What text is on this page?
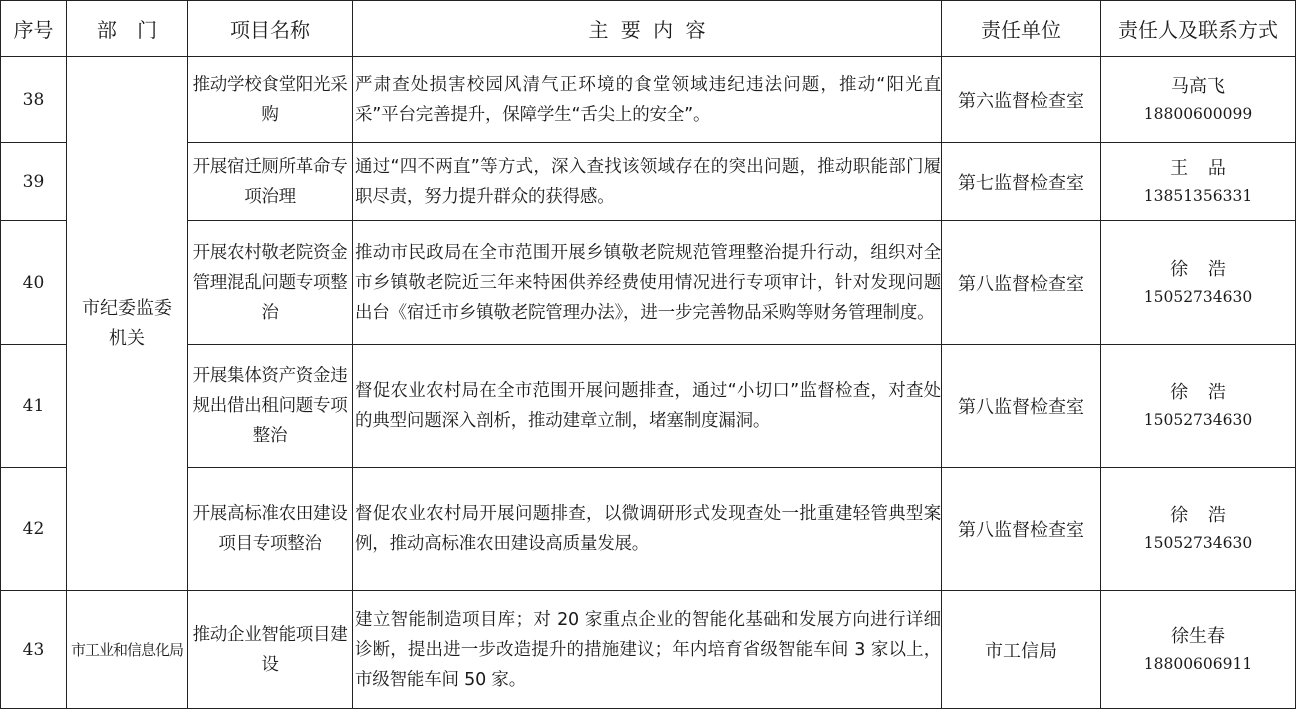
序号	部 门	项目名称	主 要 内 容	责任单位	责任人及联系方式
38	市纪委监委机关	推动学校食堂阳光采购	严肃查处损害校园风清气正环境的食堂领域违纪违法问题，推动“阳光直采”平台完善提升，保障学生“舌尖上的安全”。	第六监督检查室	马高飞
18800600099

39		开展宿迁厕所革命专项治理	通过“四不两直”等方式，深入查找该领域存在的突出问题，推动职能部门履职尽责，努力提升群众的获得感。	第七监督检查室	王 品
13851356331

40		开展农村敬老院资金管理混乱问题专项整治	推动市民政局在全市范围开展乡镇敬老院规范管理整治提升行动，组织对全市乡镇敬老院近三年来特困供养经费使用情况进行专项审计，针对发现问题出台《宿迁市乡镇敬老院管理办法》，进一步完善物品采购等财务管理制度。	第八监督检查室	徐 浩
15052734630

41		开展集体资产资金违规出借出租问题专项整治	督促农业农村局在全市范围开展问题排查，通过“小切口”监督检查，对查处的典型问题深入剖析，推动建章立制，堵塞制度漏洞。	第八监督检查室	徐 浩
15052734630

42		开展高标准农田建设项目专项整治	督促农业农村局开展问题排查，以微调研形式发现查处一批重建轻管典型案例，推动高标准农田建设高质量发展。	第八监督检查室	徐 浩
15052734630

43	市工业和信息化局	推动企业智能项目建设	建立智能制造项目库；对 20 家重点企业的智能化基础和发展方向进行详细诊断，提出进一步改造提升的措施建议；年内培育省级智能车间 3 家以上，市级智能车间 50 家。	市工信局	徐生春
18800606911
